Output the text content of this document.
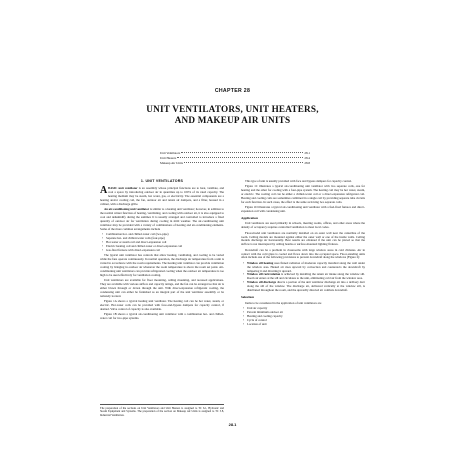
CHAPTER 28
UNIT VENTILATORS, UNIT HEATERS,
AND MAKEUP AIR UNITS
Unit Ventilators	28.1
Unit Heaters	28.4
Makeup Air Units	28.8
1. UNIT VENTILATORS

A BASIC unit ventilator is an assembly whose principal functions are to heat, ventilate, and cool a space by introducing outdoor air in quantities up to 100% of its rated capacity. The heating medium may be steam, hot water, gas, or electricity. The essential components are a heating and/or cooling coil, the fan, outdoor air and return air dampers, and a filter, housed in a cabinet, with a discharge grille.

An air-conditioning unit ventilator is similar to a heating unit ventilator; however, in addition to the normal winter function of heating, ventilating, and cooling with outdoor air, it is also equipped to cool and dehumidify during the summer. It is usually arranged and controlled to introduce a fixed quantity of outdoor air for ventilation during cooling in mild weather. The air-conditioning unit ventilator may be provided with a variety of combinations of heating and air-conditioning elements. Some of the more common arrangements include

• Combination hot- and chilled-water coil (two-pipe)
• Separate hot- and chilled-water coils (four-pipe)
• Hot-water or steam coil and direct-expansion coil
• Electric heating coil and chilled-water or direct-expansion coil
• Gas-fired furnace with direct-expansion coil

The typical unit ventilator has controls that allow heating, ventilating, and cooling to be varied while the fans operate continuously. In normal operation, the discharge air temperature from a unit is varied in accordance with the room requirements. The heating unit ventilator can provide ventilation cooling by bringing in outdoor air whenever the room temperature is above the room set point. Air-conditioning unit ventilators can provide refrigerated cooling when the outdoor air temperature is too high to be used effectively for ventilation cooling.

Unit ventilators are available for floor mounting, ceiling mounting, and recessed applications. They are available with various airflow and capacity ratings, and the fan can be arranged so that air is either blown through or drawn through the unit. With direct-expansion refrigerant cooling, the condensing unit can either be furnished as an integral part of the unit ventilator assembly or be remotely located.

Figure 1A shows a typical heating unit ventilator. The heating coil can be hot water, steam, or electric. Hot-water coils can be provided with face-and-bypass dampers for capacity control, if desired. Valve control of capacity is also available.

Figure 1B shows a typical air-conditioning unit ventilator with a combination hot- and chilled-water coil for two-pipe systems.

The preparation of the sections on Unit Ventilators and Unit Heaters is assigned to TC 6.1, Hydronic and Steam Equipment and Systems. The preparation of the section on Makeup Air Units is assigned to TC 5.8, Industrial Ventilation.

This type of unit is usually provided with face and bypass dampers for capacity control.

Figure 1C illustrates a typical air-conditioning unit ventilator with two separate coils, one for heating and the other for cooling with a four-pipe system. The heating coil may be hot water, steam, or electric. The cooling coil can be either a chilled-water coil or a direct-expansion refrigerant coil. Heating and cooling coils are sometimes combined in a single coil by providing separate tube circuits for each function. In such cases, the effect is the same as having two separate coils.

Figure 1D illustrates a typical air-conditioning unit ventilator with a fuel-fired furnace and direct-expansion coil with condensing unit.

Application

Unit ventilators are used primarily in schools, meeting rooms, offices, and other areas where the density of occupancy requires controlled ventilation to meet local codes.

Floor-model unit ventilators are normally installed on an outer wall near the centerline of the room. Ceiling models are mounted against either the outer wall or one of the inside walls. Ceiling models discharge air horizontally. Best results are obtained if the unit can be placed so that the airflow is not interrupted by ceiling beams or surface-mounted lighting fixtures.

Downdraft can be a problem in classrooms with large window areas in cold climates. Air in contact with the cold glass is cooled and flows down into the occupied space. Floor-standing units often include one of the following provisions to prevent downdraft along the windows (Figure 2):

• Window sill heating uses finned radiation of moderate capacity installed along the wall under the window area. Heated air rises upward by convection and counteracts the downdraft by tempering it and diverting it upward.
• Window sill recirculation is achieved by installing the return air intake along the window sill. Room air enters at the sill and circulates to the unit, eliminating cold air from the window area.
• Window sill discharge directs a portion of the unit ventilator discharge air into a delivery duct along the sill of the window. The discharge air, delivered vertically at the window sill, is distributed throughout the room, and the upwardly directed air combats downdraft.
Selection

Items to be considered in the application of unit ventilators are

• Unit air capacity
• Percent minimum outdoor air
• Heating and cooling capacity
• Cycle of control
• Location of unit
28.1
